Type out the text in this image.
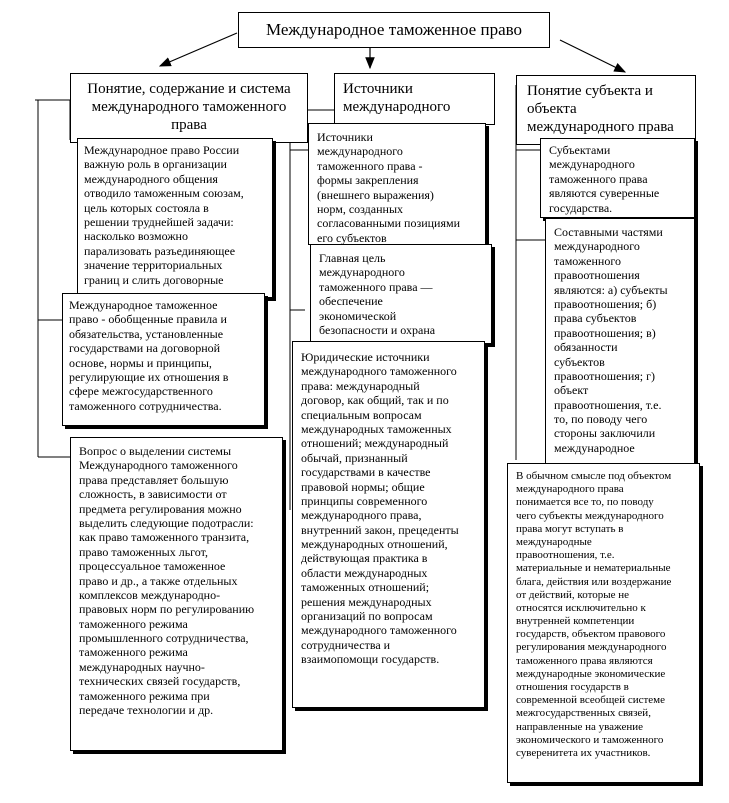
Международное таможенное право
Понятие, содержание и система
международного таможенного
права
Международное право России
важную роль в организации
международного общения
отводило таможенным союзам,
цель которых состояла в
решении труднейшей задачи:
насколько возможно
парализовать разъединяющее
значение территориальных
границ и слить договорные
Международное таможенное
право - обобщенные правила и
обязательства, установленные
государствами на договорной
основе, нормы и принципы,
регулирующие их отношения в
сфере межгосударственного
таможенного сотрудничества.
Вопрос о выделении системы
Международного таможенного
права представляет большую
сложность, в зависимости от
предмета регулирования можно
выделить следующие подотрасли:
как право таможенного транзита,
право таможенных льгот,
процессуальное таможенное
право и др., а также отдельных
комплексов международно-
правовых норм по регулированию
таможенного режима
промышленного сотрудничества,
таможенного режима
международных научно-
технических связей государств,
таможенного режима при
передаче технологии и др.
Источники
международного
Источники
международного
таможенного права -
формы закрепления
(внешнего выражения)
норм, созданных
согласованными позициями
его субъектов
Главная цель
международного
таможенного права —
обеспечение
экономической
безопасности и охрана
Юридические источники
международного таможенного
права: международный
договор, как общий, так и по
специальным вопросам
международных таможенных
отношений; международный
обычай, признанный
государствами в качестве
правовой нормы; общие
принципы современного
международного права,
внутренний закон, прецеденты
международных отношений,
действующая практика в
области международных
таможенных отношений;
решения международных
организаций по вопросам
международного таможенного
сотрудничества и
взаимопомощи государств.
Понятие субъекта и
объекта
международного права
Субъектами
международного
таможенного права
являются суверенные
государства.
Составными частями
международного
таможенного
правоотношения
являются: а) субъекты
правоотношения; б)
права субъектов
правоотношения; в)
обязанности
субъектов
правоотношения; г)
объект
правоотношения, т.е.
то, по поводу чего
стороны заключили
международное
В обычном смысле под объектом
международного права
понимается все то, по поводу
чего субъекты международного
права могут вступать в
международные
правоотношения, т.е.
материальные и нематериальные
блага, действия или воздержание
от действий, которые не
относятся исключительно к
внутренней компетенции
государств, объектом правового
регулирования международного
таможенного права являются
международные экономические
отношения государств в
современной всеобщей системе
межгосударственных связей,
направленные на уважение
экономического и таможенного
суверенитета их участников.
